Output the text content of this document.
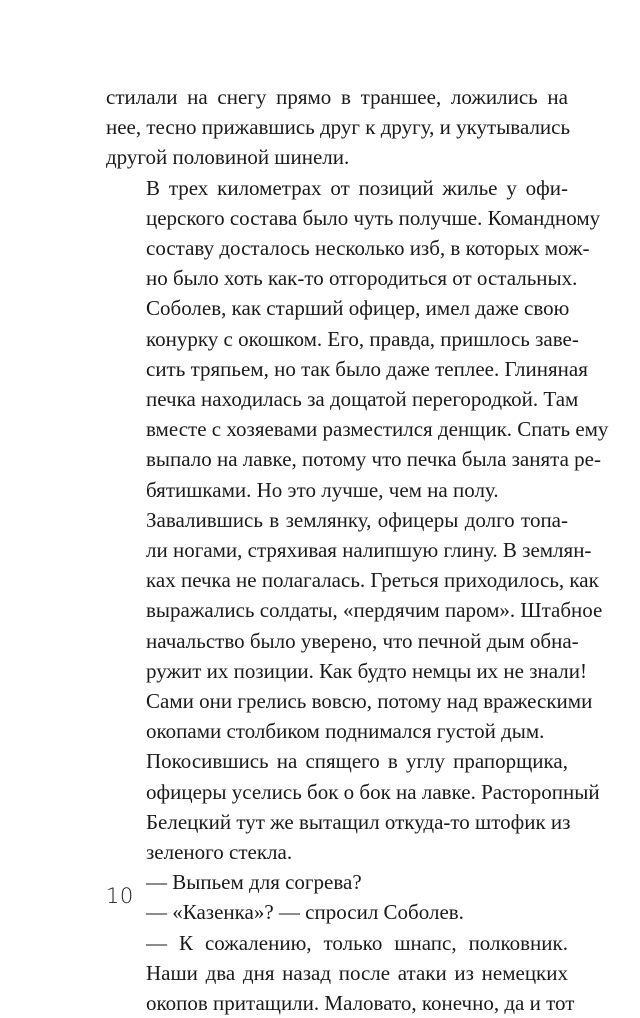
стилали на снегу прямо в траншее, ложились на
нее, тесно прижавшись друг к другу, и укутывались
другой половиной шинели.

В трех километрах от позиций жилье у офи-
церского состава было чуть получше. Командному
составу досталось несколько изб, в которых мож-
но было хоть как-то отгородиться от остальных.
Соболев, как старший офицер, имел даже свою
конурку с окошком. Его, правда, пришлось заве-
сить тряпьем, но так было даже теплее. Глиняная
печка находилась за дощатой перегородкой. Там
вместе с хозяевами разместился денщик. Спать ему
выпало на лавке, потому что печка была занята ре-
бятишками. Но это лучше, чем на полу.

Завалившись в землянку, офицеры долго топа-
ли ногами, стряхивая налипшую глину. В землян-
ках печка не полагалась. Греться приходилось, как
выражались солдаты, «пердячим паром». Штабное
начальство было уверено, что печной дым обна-
ружит их позиции. Как будто немцы их не знали!
Сами они грелись вовсю, потому над вражескими
окопами столбиком поднимался густой дым.

Покосившись на спящего в углу прапорщика,
офицеры уселись бок о бок на лавке. Расторопный
Белецкий тут же вытащил откуда-то штофик из
зеленого стекла.

— Выпьем для согрева?

— «Казенка»? — спросил Соболев.

— К сожалению, только шнапс, полковник.
Наши два дня назад после атаки из немецких
окопов притащили. Маловато, конечно, да и тот

10
